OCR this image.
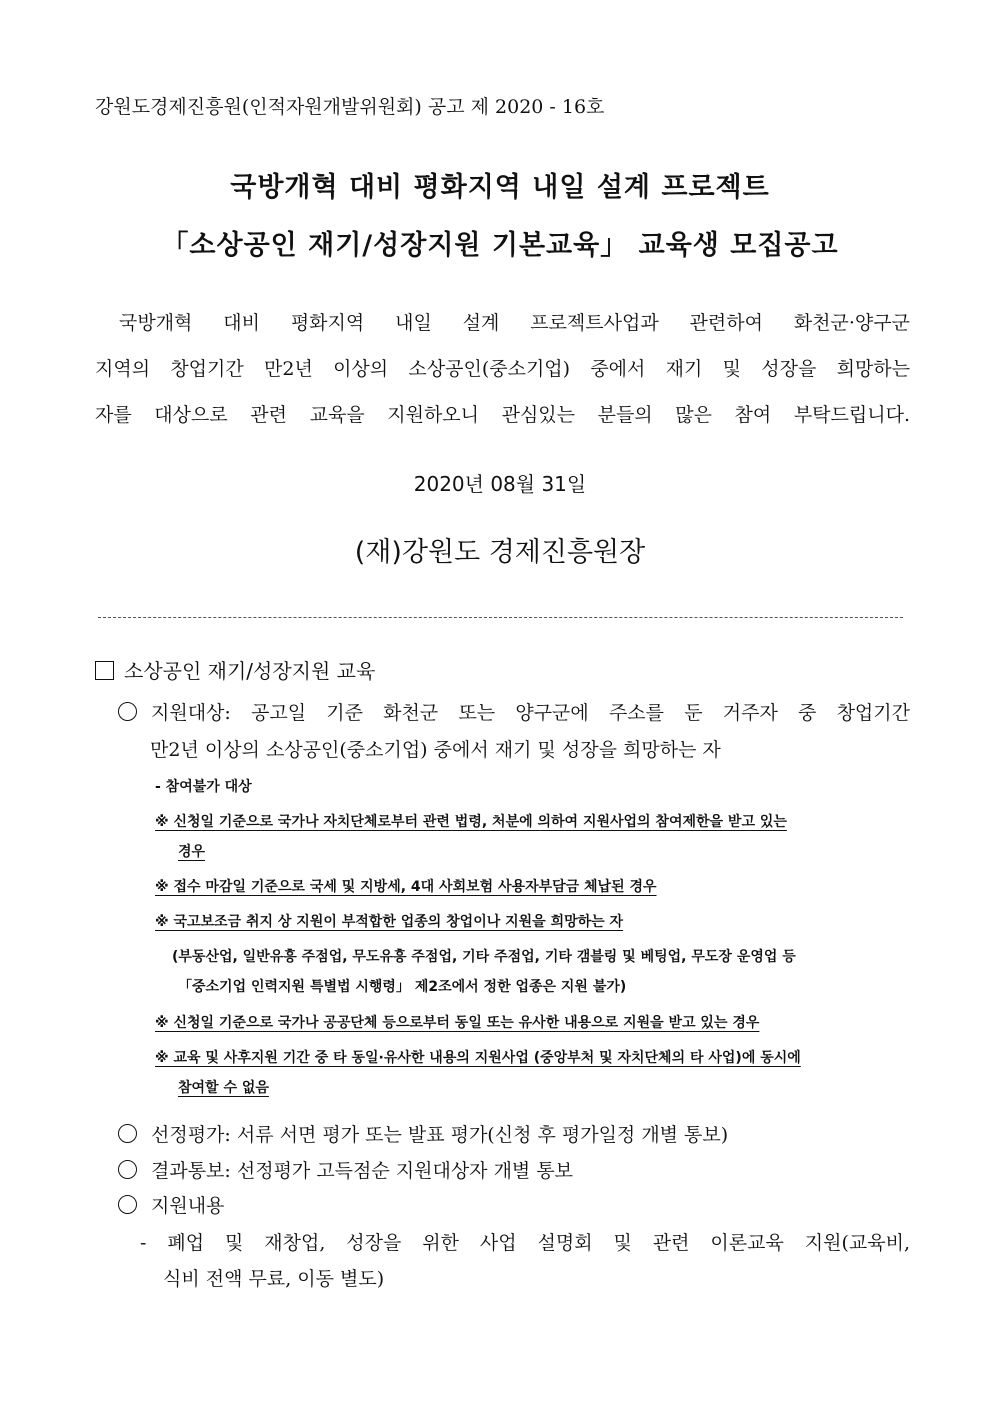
강원도경제진흥원(인적자원개발위원회) 공고 제 2020 - 16호
국방개혁 대비 평화지역 내일 설계 프로젝트
「소상공인 재기/성장지원 기본교육」 교육생 모집공고
국방개혁 대비 평화지역 내일 설계 프로젝트사업과 관련하여 화천군·양구군
지역의 창업기간 만2년 이상의 소상공인(중소기업) 중에서 재기 및 성장을 희망하는
자를 대상으로 관련 교육을 지원하오니 관심있는 분들의 많은 참여 부탁드립니다.
2020년 08월 31일
(재)강원도 경제진흥원장
소상공인 재기/성장지원 교육
지원대상: 공고일 기준 화천군 또는 양구군에 주소를 둔 거주자 중 창업기간
만2년 이상의 소상공인(중소기업) 중에서 재기 및 성장을 희망하는 자
- 참여불가 대상
※ 신청일 기준으로 국가나 자치단체로부터 관련 법령, 처분에 의하여 지원사업의 참여제한을 받고 있는
경우
※ 접수 마감일 기준으로 국세 및 지방세, 4대 사회보험 사용자부담금 체납된 경우
※ 국고보조금 취지 상 지원이 부적합한 업종의 창업이나 지원을 희망하는 자
(부동산업, 일반유흥 주점업, 무도유흥 주점업, 기타 주점업, 기타 갬블링 및 베팅업, 무도장 운영업 등
「중소기업 인력지원 특별법 시행령」 제2조에서 정한 업종은 지원 불가)
※ 신청일 기준으로 국가나 공공단체 등으로부터 동일 또는 유사한 내용으로 지원을 받고 있는 경우
※ 교육 및 사후지원 기간 중 타 동일·유사한 내용의 지원사업 (중앙부처 및 자치단체의 타 사업)에 동시에
참여할 수 없음
선정평가: 서류 서면 평가 또는 발표 평가(신청 후 평가일정 개별 통보)
결과통보: 선정평가 고득점순 지원대상자 개별 통보
지원내용
- 폐업 및 재창업, 성장을 위한 사업 설명회 및 관련 이론교육 지원(교육비,
식비 전액 무료, 이동 별도)
